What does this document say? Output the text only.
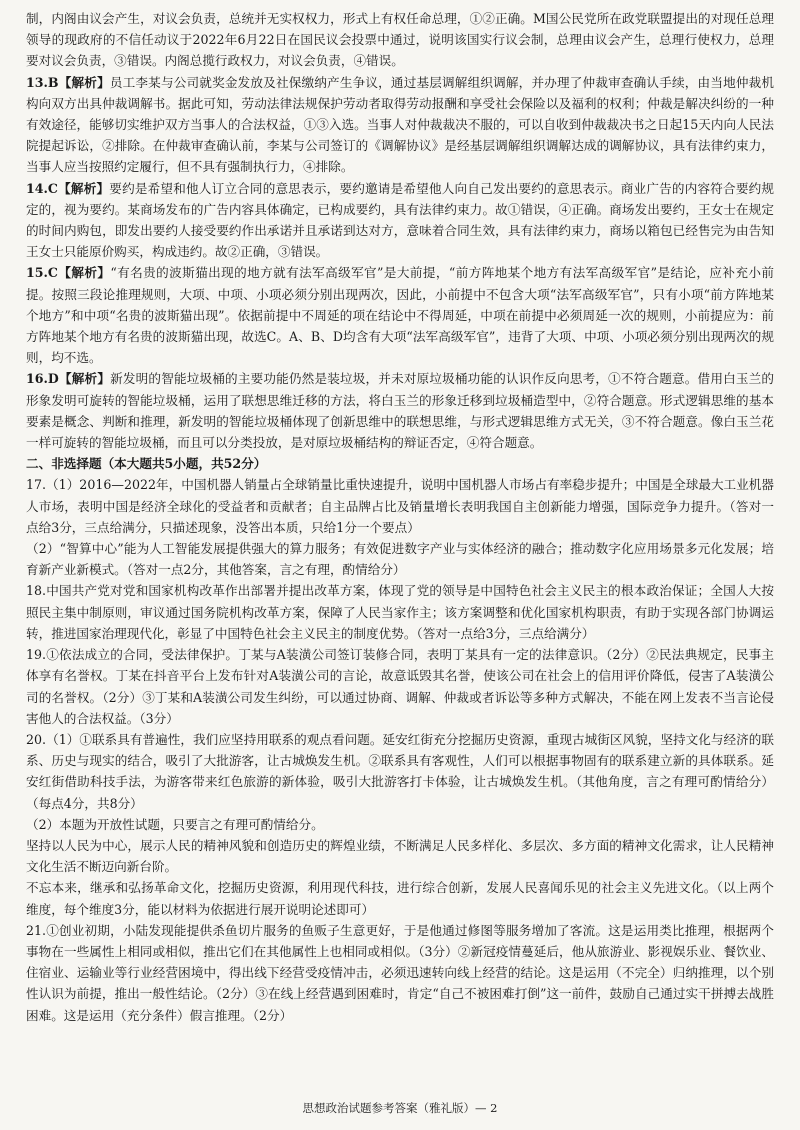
制，内阁由议会产生，对议会负责，总统并无实权权力，形式上有权任命总理，①②正确。M国公民党所在政党联盟提出的对现任总理领导的现政府的不信任动议于2022年6月22日在国民议会投票中通过，说明该国实行议会制，总理由议会产生，总理行使权力，总理要对议会负责，③错误。内阁总揽行政权力，对议会负责，④错误。

13.B【解析】员工李某与公司就奖金发放及社保缴纳产生争议，通过基层调解组织调解，并办理了仲裁审查确认手续，由当地仲裁机构向双方出具仲裁调解书。据此可知，劳动法律法规保护劳动者取得劳动报酬和享受社会保险以及福利的权利；仲裁是解决纠纷的一种有效途径，能够切实维护双方当事人的合法权益，①③入选。当事人对仲裁裁决不服的，可以自收到仲裁裁决书之日起15天内向人民法院提起诉讼，②排除。在仲裁审查确认前，李某与公司签订的《调解协议》是经基层调解组织调解达成的调解协议，具有法律约束力，当事人应当按照约定履行，但不具有强制执行力，④排除。

14.C【解析】要约是希望和他人订立合同的意思表示，要约邀请是希望他人向自己发出要约的意思表示。商业广告的内容符合要约规定的，视为要约。某商场发布的广告内容具体确定，已构成要约，具有法律约束力。故①错误，④正确。商场发出要约，王女士在规定的时间内购包，即发出要约人接受要约作出承诺并且承诺到达对方，意味着合同生效，具有法律约束力，商场以箱包已经售完为由告知王女士只能原价购买，构成违约。故②正确，③错误。

15.C【解析】“有名贵的波斯猫出现的地方就有法军高级军官”是大前提，“前方阵地某个地方有法军高级军官”是结论，应补充小前提。按照三段论推理规则，大项、中项、小项必须分别出现两次，因此，小前提中不包含大项“法军高级军官”，只有小项“前方阵地某个地方”和中项“名贵的波斯猫出现”。依据前提中不周延的项在结论中不得周延，中项在前提中必须周延一次的规则，小前提应为：前方阵地某个地方有名贵的波斯猫出现，故选C。A、B、D均含有大项“法军高级军官”，违背了大项、中项、小项必须分别出现两次的规则，均不选。

16.D【解析】新发明的智能垃圾桶的主要功能仍然是装垃圾，并未对原垃圾桶功能的认识作反向思考，①不符合题意。借用白玉兰的形象发明可旋转的智能垃圾桶，运用了联想思维迁移的方法，将白玉兰的形象迁移到垃圾桶造型中，②符合题意。形式逻辑思维的基本要素是概念、判断和推理，新发明的智能垃圾桶体现了创新思维中的联想思维，与形式逻辑思维方式无关，③不符合题意。像白玉兰花一样可旋转的智能垃圾桶，而且可以分类投放，是对原垃圾桶结构的辩证否定，④符合题意。

二、非选择题（本大题共5小题，共52分）

17.（1）2016—2022年，中国机器人销量占全球销量比重快速提升，说明中国机器人市场占有率稳步提升；中国是全球最大工业机器人市场，表明中国是经济全球化的受益者和贡献者；自主品牌占比及销量增长表明我国自主创新能力增强，国际竞争力提升。（答对一点给3分，三点给满分，只描述现象，没答出本质，只给1分一个要点）

（2）“智算中心”能为人工智能发展提供强大的算力服务；有效促进数字产业与实体经济的融合；推动数字化应用场景多元化发展；培育新产业新模式。（答对一点2分，其他答案，言之有理，酌情给分）

18.中国共产党对党和国家机构改革作出部署并提出改革方案，体现了党的领导是中国特色社会主义民主的根本政治保证；全国人大按照民主集中制原则，审议通过国务院机构改革方案，保障了人民当家作主；该方案调整和优化国家机构职责，有助于实现各部门协调运转，推进国家治理现代化，彰显了中国特色社会主义民主的制度优势。（答对一点给3分，三点给满分）

19.①依法成立的合同，受法律保护。丁某与A装潢公司签订装修合同，表明丁某具有一定的法律意识。（2分）②民法典规定，民事主体享有名誉权。丁某在抖音平台上发布针对A装潢公司的言论，故意诋毁其名誉，使该公司在社会上的信用评价降低，侵害了A装潢公司的名誉权。（2分）③丁某和A装潢公司发生纠纷，可以通过协商、调解、仲裁或者诉讼等多种方式解决，不能在网上发表不当言论侵害他人的合法权益。（3分）

20.（1）①联系具有普遍性，我们应坚持用联系的观点看问题。延安红街充分挖掘历史资源，重现古城街区风貌，坚持文化与经济的联系、历史与现实的结合，吸引了大批游客，让古城焕发生机。②联系具有客观性，人们可以根据事物固有的联系建立新的具体联系。延安红街借助科技手法，为游客带来红色旅游的新体验，吸引大批游客打卡体验，让古城焕发生机。（其他角度，言之有理可酌情给分）（每点4分，共8分）

（2）本题为开放性试题，只要言之有理可酌情给分。

坚持以人民为中心，展示人民的精神风貌和创造历史的辉煌业绩，不断满足人民多样化、多层次、多方面的精神文化需求，让人民精神文化生活不断迈向新台阶。

不忘本来，继承和弘扬革命文化，挖掘历史资源，利用现代科技，进行综合创新，发展人民喜闻乐见的社会主义先进文化。（以上两个维度，每个维度3分，能以材料为依据进行展开说明论述即可）

21.①创业初期，小陆发现能提供杀鱼切片服务的鱼贩子生意更好，于是他通过修图等服务增加了客流。这是运用类比推理，根据两个事物在一些属性上相同或相似，推出它们在其他属性上也相同或相似。（3分）②新冠疫情蔓延后，他从旅游业、影视娱乐业、餐饮业、住宿业、运输业等行业经营困境中，得出线下经营受疫情冲击，必须迅速转向线上经营的结论。这是运用（不完全）归纳推理，以个别性认识为前提，推出一般性结论。（2分）③在线上经营遇到困难时，肯定“自己不被困难打倒”这一前件，鼓励自己通过实干拼搏去战胜困难。这是运用（充分条件）假言推理。（2分）

思想政治试题参考答案（雅礼版）— 2
